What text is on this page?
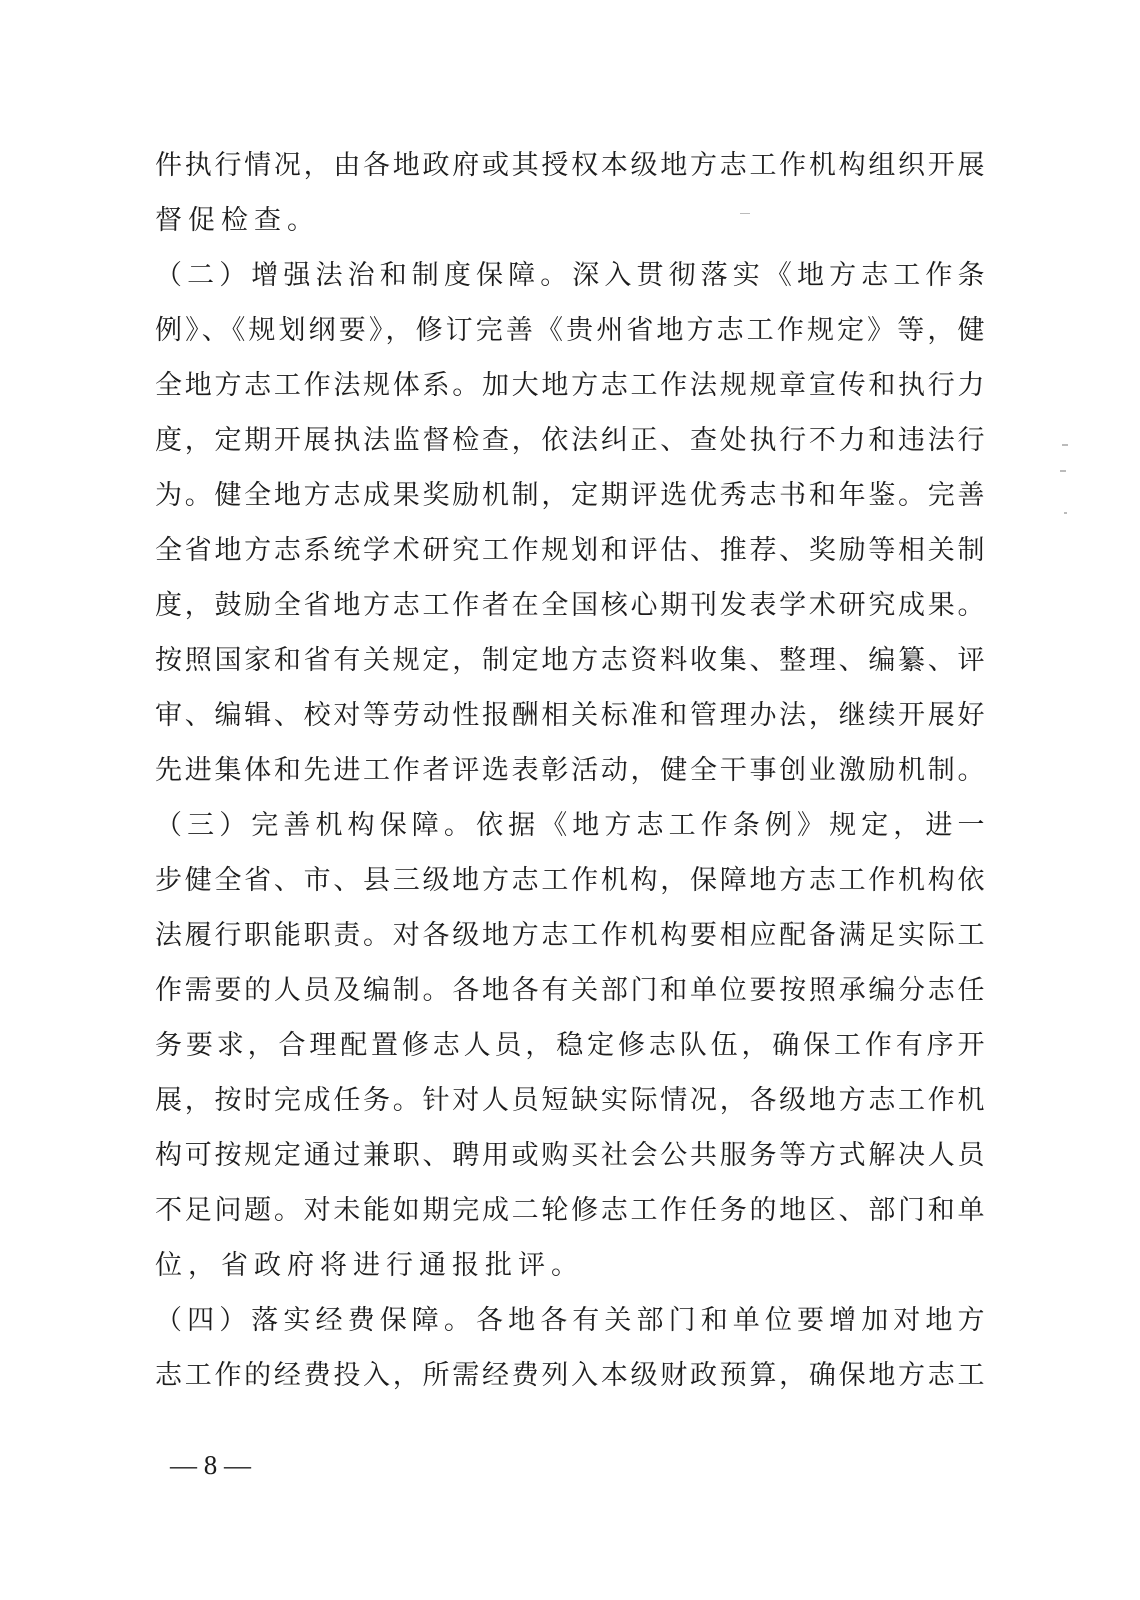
件执行情况，由各地政府或其授权本级地方志工作机构组织开展
督促检查。
（二）增强法治和制度保障。深入贯彻落实《地方志工作条
例》、《规划纲要》，修订完善《贵州省地方志工作规定》等，健
全地方志工作法规体系。加大地方志工作法规规章宣传和执行力
度，定期开展执法监督检查，依法纠正、查处执行不力和违法行
为。健全地方志成果奖励机制，定期评选优秀志书和年鉴。完善
全省地方志系统学术研究工作规划和评估、推荐、奖励等相关制
度，鼓励全省地方志工作者在全国核心期刊发表学术研究成果。
按照国家和省有关规定，制定地方志资料收集、整理、编纂、评
审、编辑、校对等劳动性报酬相关标准和管理办法，继续开展好
先进集体和先进工作者评选表彰活动，健全干事创业激励机制。
（三）完善机构保障。依据《地方志工作条例》规定，进一
步健全省、市、县三级地方志工作机构，保障地方志工作机构依
法履行职能职责。对各级地方志工作机构要相应配备满足实际工
作需要的人员及编制。各地各有关部门和单位要按照承编分志任
务要求，合理配置修志人员，稳定修志队伍，确保工作有序开
展，按时完成任务。针对人员短缺实际情况，各级地方志工作机
构可按规定通过兼职、聘用或购买社会公共服务等方式解决人员
不足问题。对未能如期完成二轮修志工作任务的地区、部门和单
位，省政府将进行通报批评。
（四）落实经费保障。各地各有关部门和单位要增加对地方
志工作的经费投入，所需经费列入本级财政预算，确保地方志工
— 8 —
